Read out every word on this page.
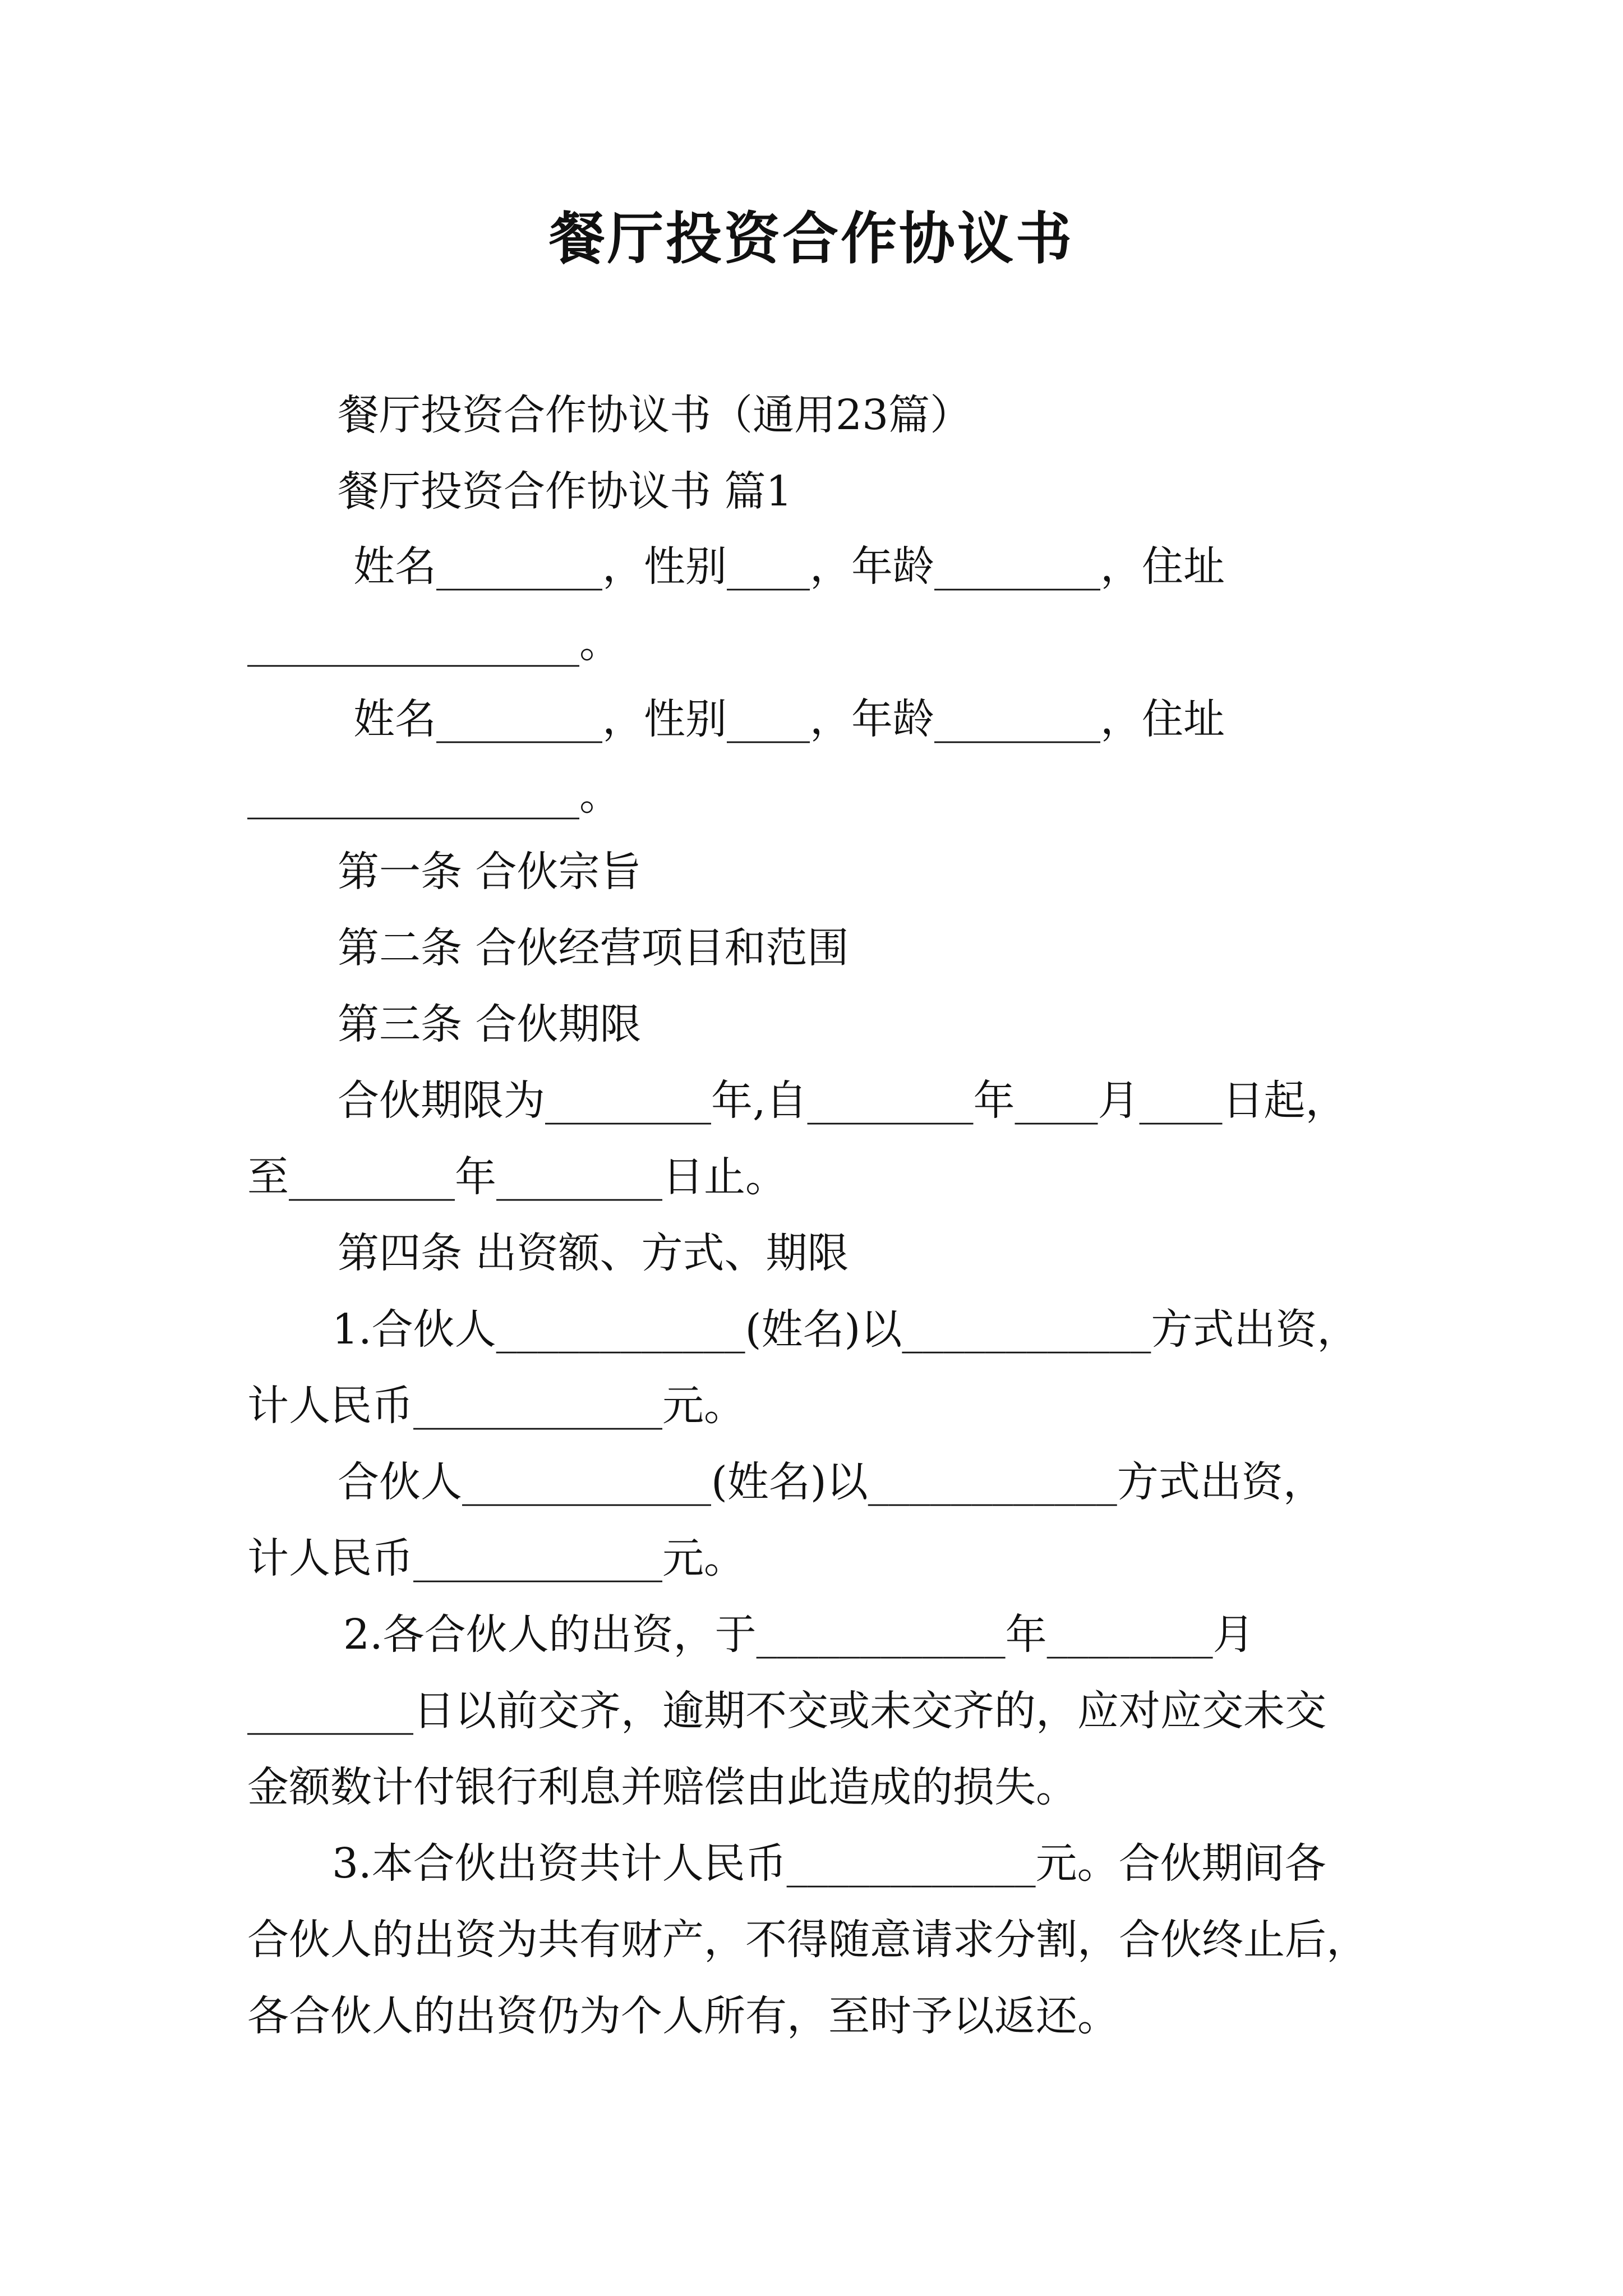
餐厅投资合作协议书
餐厅投资合作协议书（通用23篇）
餐厅投资合作协议书 篇1
姓名________，性别____，年龄________，住址
________________。
姓名________，性别____，年龄________，住址
________________。
第一条 合伙宗旨
第二条 合伙经营项目和范围
第三条 合伙期限
合伙期限为________年,自________年____月____日起，
至________年________日止。
第四条 出资额、方式、期限
1.合伙人____________(姓名)以____________方式出资，
计人民币____________元。
合伙人____________(姓名)以____________方式出资，
计人民币____________元。
2.各合伙人的出资，于____________年________月
________日以前交齐，逾期不交或未交齐的，应对应交未交
金额数计付银行利息并赔偿由此造成的损失。
3.本合伙出资共计人民币____________元。合伙期间各
合伙人的出资为共有财产，不得随意请求分割，合伙终止后，
各合伙人的出资仍为个人所有，至时予以返还。
